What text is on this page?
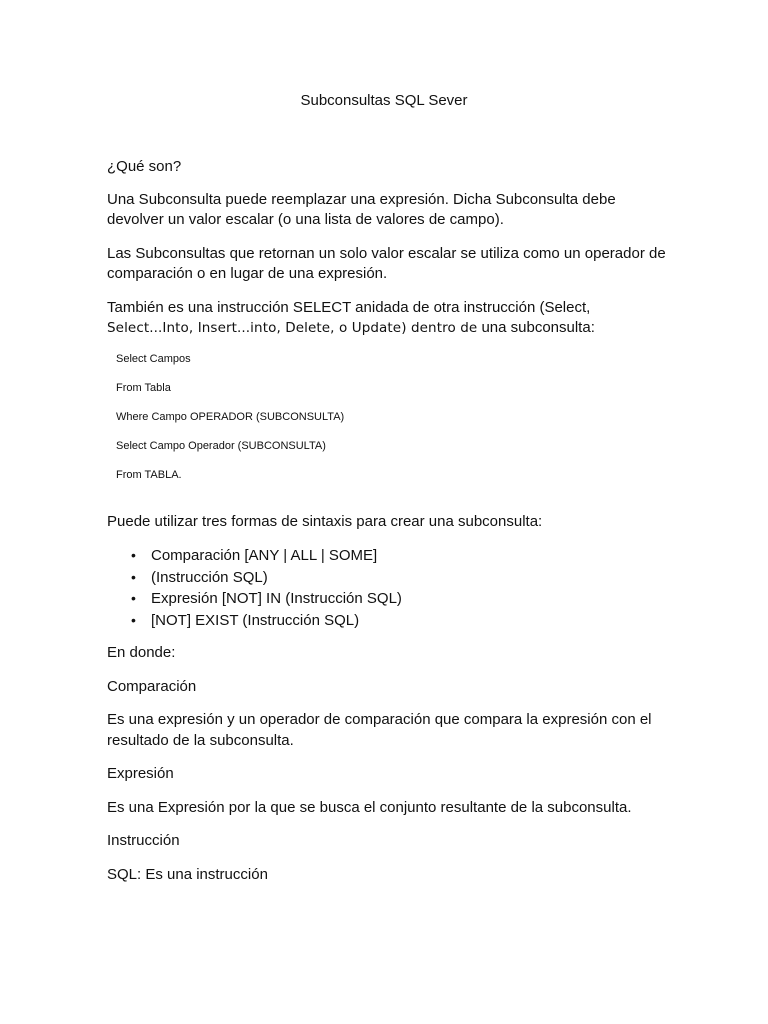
Subconsultas SQL Sever

¿Qué son?

Una Subconsulta puede reemplazar una expresión. Dicha Subconsulta debe devolver un valor escalar (o una lista de valores de campo).

Las Subconsultas que retornan un solo valor escalar se utiliza como un operador de comparación o en lugar de una expresión.

También es una instrucción SELECT anidada de otra instrucción (Select,
Select...Into, Insert...into, Delete, o Update) dentro de una subconsulta:

Select Campos
From Tabla
Where Campo OPERADOR (SUBCONSULTA)
Select Campo Operador (SUBCONSULTA)
From TABLA.

Puede utilizar tres formas de sintaxis para crear una subconsulta:

• Comparación [ANY | ALL | SOME]
• (Instrucción SQL)
• Expresión [NOT] IN (Instrucción SQL)
• [NOT] EXIST (Instrucción SQL)

En donde:

Comparación

Es una expresión y un operador de comparación que compara la expresión con el resultado de la subconsulta.

Expresión

Es una Expresión por la que se busca el conjunto resultante de la subconsulta.

Instrucción

SQL: Es una instrucción
